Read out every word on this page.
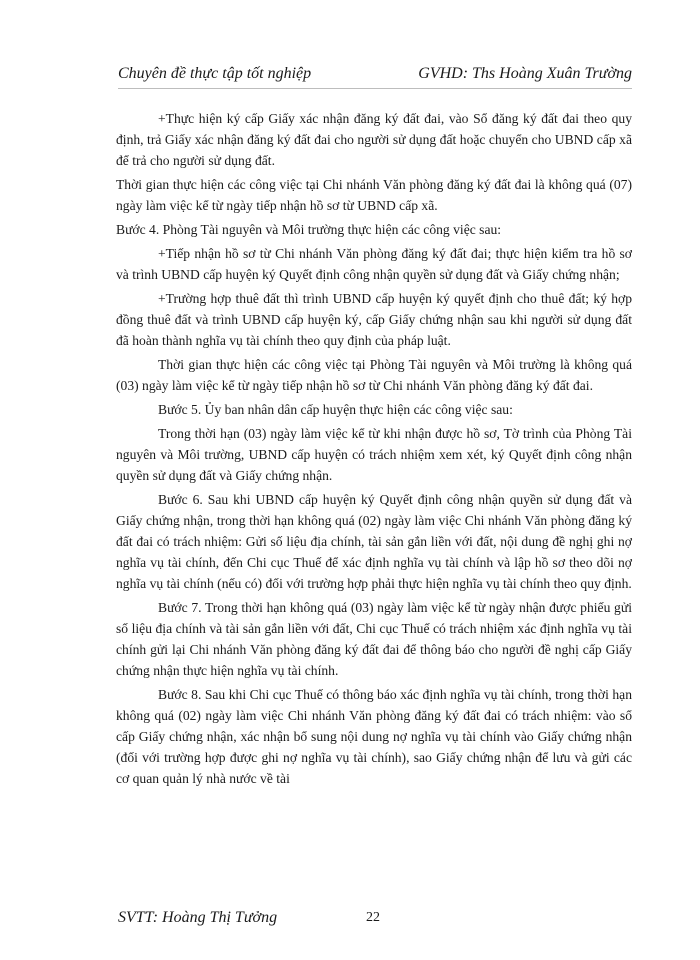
Chuyên đề thực tập tốt nghiệp	GVHD: Ths Hoàng Xuân Trường

+Thực hiện ký cấp Giấy xác nhận đăng ký đất đai, vào Sổ đăng ký đất đai theo quy định, trả Giấy xác nhận đăng ký đất đai cho người sử dụng đất hoặc chuyển cho UBND cấp xã để trả cho người sử dụng đất.

Thời gian thực hiện các công việc tại Chi nhánh Văn phòng đăng ký đất đai là không quá (07) ngày làm việc kể từ ngày tiếp nhận hồ sơ từ UBND cấp xã.

Bước 4. Phòng Tài nguyên và Môi trường thực hiện các công việc sau:

+Tiếp nhận hồ sơ từ Chi nhánh Văn phòng đăng ký đất đai; thực hiện kiểm tra hồ sơ và trình UBND cấp huyện ký Quyết định công nhận quyền sử dụng đất và Giấy chứng nhận;

+Trường hợp thuê đất thì trình UBND cấp huyện ký quyết định cho thuê đất; ký hợp đồng thuê đất và trình UBND cấp huyện ký, cấp Giấy chứng nhận sau khi người sử dụng đất đã hoàn thành nghĩa vụ tài chính theo quy định của pháp luật.

Thời gian thực hiện các công việc tại Phòng Tài nguyên và Môi trường là không quá (03) ngày làm việc kể từ ngày tiếp nhận hồ sơ từ Chi nhánh Văn phòng đăng ký đất đai.

Bước 5. Ủy ban nhân dân cấp huyện thực hiện các công việc sau:

Trong thời hạn (03) ngày làm việc kể từ khi nhận được hồ sơ, Tờ trình của Phòng Tài nguyên và Môi trường, UBND cấp huyện có trách nhiệm xem xét, ký Quyết định công nhận quyền sử dụng đất và Giấy chứng nhận.

Bước 6. Sau khi UBND cấp huyện ký Quyết định công nhận quyền sử dụng đất và Giấy chứng nhận, trong thời hạn không quá (02) ngày làm việc Chi nhánh Văn phòng đăng ký đất đai có trách nhiệm: Gửi số liệu địa chính, tài sản gắn liền với đất, nội dung đề nghị ghi nợ nghĩa vụ tài chính, đến Chi cục Thuế để xác định nghĩa vụ tài chính và lập hồ sơ theo dõi nợ nghĩa vụ tài chính (nếu có) đối với trường hợp phải thực hiện nghĩa vụ tài chính theo quy định.

Bước 7. Trong thời hạn không quá (03) ngày làm việc kể từ ngày nhận được phiếu gửi số liệu địa chính và tài sản gắn liền với đất, Chi cục Thuế có trách nhiệm xác định nghĩa vụ tài chính gửi lại Chi nhánh Văn phòng đăng ký đất đai để thông báo cho người đề nghị cấp Giấy chứng nhận thực hiện nghĩa vụ tài chính.

Bước 8. Sau khi Chi cục Thuế có thông báo xác định nghĩa vụ tài chính, trong thời hạn không quá (02) ngày làm việc Chi nhánh Văn phòng đăng ký đất đai có trách nhiệm: vào sổ cấp Giấy chứng nhận, xác nhận bổ sung nội dung nợ nghĩa vụ tài chính vào Giấy chứng nhận (đối với trường hợp được ghi nợ nghĩa vụ tài chính), sao Giấy chứng nhận để lưu và gửi các cơ quan quản lý nhà nước về tài

SVTT: Hoàng Thị Tưởng	22
